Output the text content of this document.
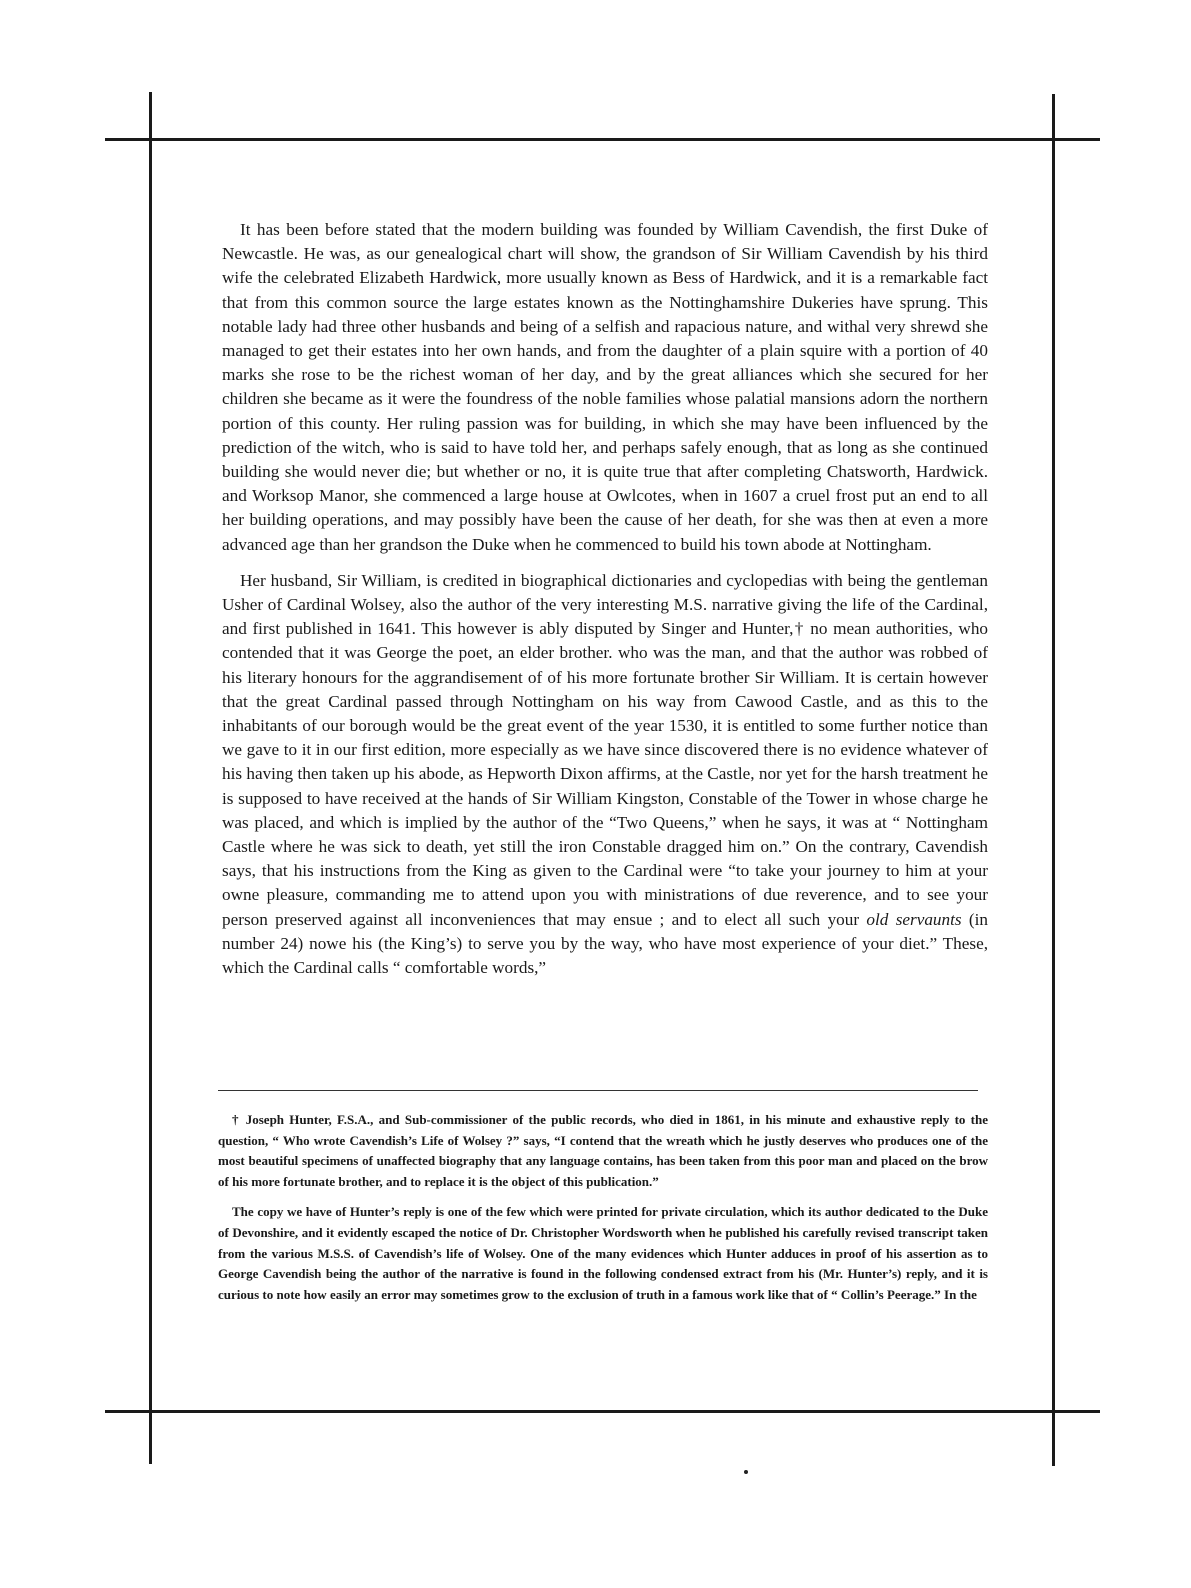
It has been before stated that the modern building was founded by William Cavendish, the first Duke of Newcastle. He was, as our genealogical chart will show, the grandson of Sir William Cavendish by his third wife the celebrated Elizabeth Hardwick, more usually known as Bess of Hardwick, and it is a remarkable fact that from this common source the large estates known as the Nottinghamshire Dukeries have sprung. This notable lady had three other husbands and being of a selfish and rapacious nature, and withal very shrewd she managed to get their estates into her own hands, and from the daughter of a plain squire with a portion of 40 marks she rose to be the richest woman of her day, and by the great alliances which she secured for her children she became as it were the foundress of the noble families whose palatial mansions adorn the northern portion of this county. Her ruling passion was for building, in which she may have been influenced by the prediction of the witch, who is said to have told her, and perhaps safely enough, that as long as she continued building she would never die; but whether or no, it is quite true that after completing Chatsworth, Hardwick. and Worksop Manor, she commenced a large house at Owlcotes, when in 1607 a cruel frost put an end to all her building operations, and may possibly have been the cause of her death, for she was then at even a more advanced age than her grandson the Duke when he commenced to build his town abode at Nottingham.

Her husband, Sir William, is credited in biographical dictionaries and cyclopedias with being the gentleman Usher of Cardinal Wolsey, also the author of the very interesting M.S. narrative giving the life of the Cardinal, and first published in 1641. This however is ably disputed by Singer and Hunter,† no mean authorities, who contended that it was George the poet, an elder brother. who was the man, and that the author was robbed of his literary honours for the aggrandisement of of his more fortunate brother Sir William. It is certain however that the great Cardinal passed through Nottingham on his way from Cawood Castle, and as this to the inhabitants of our borough would be the great event of the year 1530, it is entitled to some further notice than we gave to it in our first edition, more especially as we have since discovered there is no evidence whatever of his having then taken up his abode, as Hepworth Dixon affirms, at the Castle, nor yet for the harsh treatment he is supposed to have received at the hands of Sir William Kingston, Constable of the Tower in whose charge he was placed, and which is implied by the author of the “Two Queens,” when he says, it was at “ Nottingham Castle where he was sick to death, yet still the iron Constable dragged him on.” On the contrary, Cavendish says, that his instructions from the King as given to the Cardinal were “to take your journey to him at your owne pleasure, commanding me to attend upon you with ministrations of due reverence, and to see your person preserved against all inconveniences that may ensue ; and to elect all such your old servaunts (in number 24) nowe his (the King’s) to serve you by the way, who have most experience of your diet.” These, which the Cardinal calls “ comfortable words,”

† Joseph Hunter, F.S.A., and Sub-commissioner of the public records, who died in 1861, in his minute and exhaustive reply to the question, “ Who wrote Cavendish’s Life of Wolsey ?” says, “I contend that the wreath which he justly deserves who produces one of the most beautiful specimens of unaffected biography that any language contains, has been taken from this poor man and placed on the brow of his more fortunate brother, and to replace it is the object of this publication.”

The copy we have of Hunter’s reply is one of the few which were printed for private circulation, which its author dedicated to the Duke of Devonshire, and it evidently escaped the notice of Dr. Christopher Wordsworth when he published his carefully revised transcript taken from the various M.S.S. of Cavendish’s life of Wolsey. One of the many evidences which Hunter adduces in proof of his assertion as to George Cavendish being the author of the narrative is found in the following condensed extract from his (Mr. Hunter’s) reply, and it is curious to note how easily an error may sometimes grow to the exclusion of truth in a famous work like that of “ Collin’s Peerage.” In the
